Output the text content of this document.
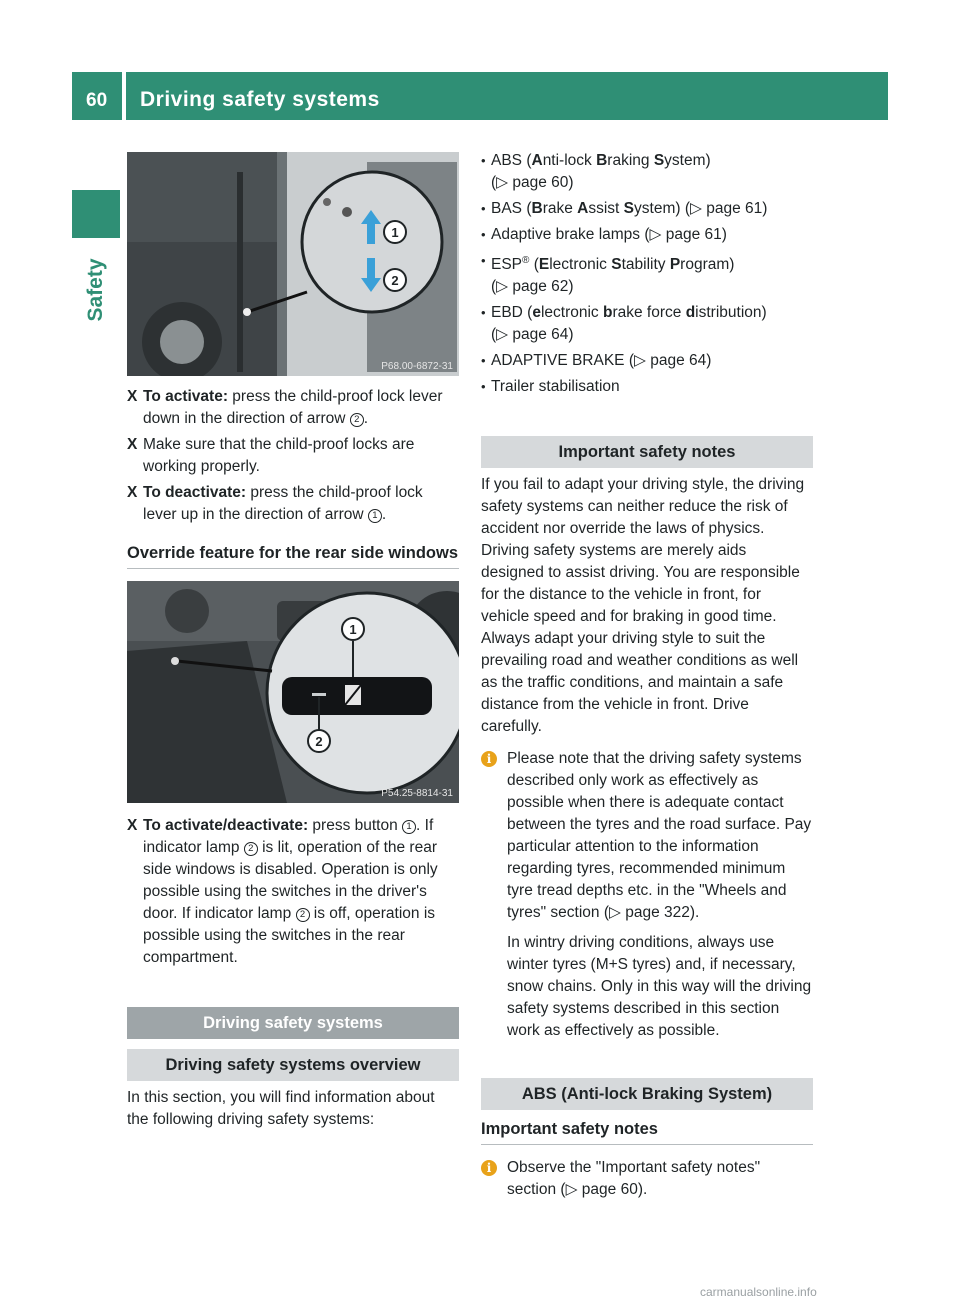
60 Driving safety systems
Safety
1
2
P68.00-6872-31

X To activate: press the child-proof lock lever down in the direction of arrow 2 .

X Make sure that the child-proof locks are working properly.

X To deactivate: press the child-proof lock lever up in the direction of arrow 1 .

Override feature for the rear side windows
1
2
P54.25-8814-31

X To activate/deactivate: press button 1 . If indicator lamp 2 is lit, operation of the rear side windows is disabled. Operation is only possible using the switches in the driver's door. If indicator lamp 2 is off, operation is possible using the switches in the rear compartment.

Driving safety systems
Driving safety systems overview

In this section, you will find information about the following driving safety systems:

• ABS (Anti-lock Braking System)
(▷ page 60)
• BAS (Brake Assist System) (▷ page 61)
• Adaptive brake lamps (▷ page 61)
• ESP® (Electronic Stability Program)
(▷ page 62)
• EBD (electronic brake force distribution)
(▷ page 64)
• ADAPTIVE BRAKE (▷ page 64)
• Trailer stabilisation
Important safety notes

If you fail to adapt your driving style, the driving safety systems can neither reduce the risk of accident nor override the laws of physics. Driving safety systems are merely aids designed to assist driving. You are responsible for the distance to the vehicle in front, for vehicle speed and for braking in good time. Always adapt your driving style to suit the prevailing road and weather conditions as well as the traffic conditions, and maintain a safe distance from the vehicle in front. Drive carefully.

i	Please note that the driving safety systems described only work as effectively as possible when there is adequate contact between the tyres and the road surface. Pay particular attention to the information regarding tyres, recommended minimum tyre tread depths etc. in the "Wheels and tyres" section (▷ page 322).

In wintry driving conditions, always use winter tyres (M+S tyres) and, if necessary, snow chains. Only in this way will the driving safety systems described in this section work as effectively as possible.

ABS (Anti-lock Braking System)
Important safety notes
i	Observe the "Important safety notes" section (▷ page 60).

carmanualsonline.info
